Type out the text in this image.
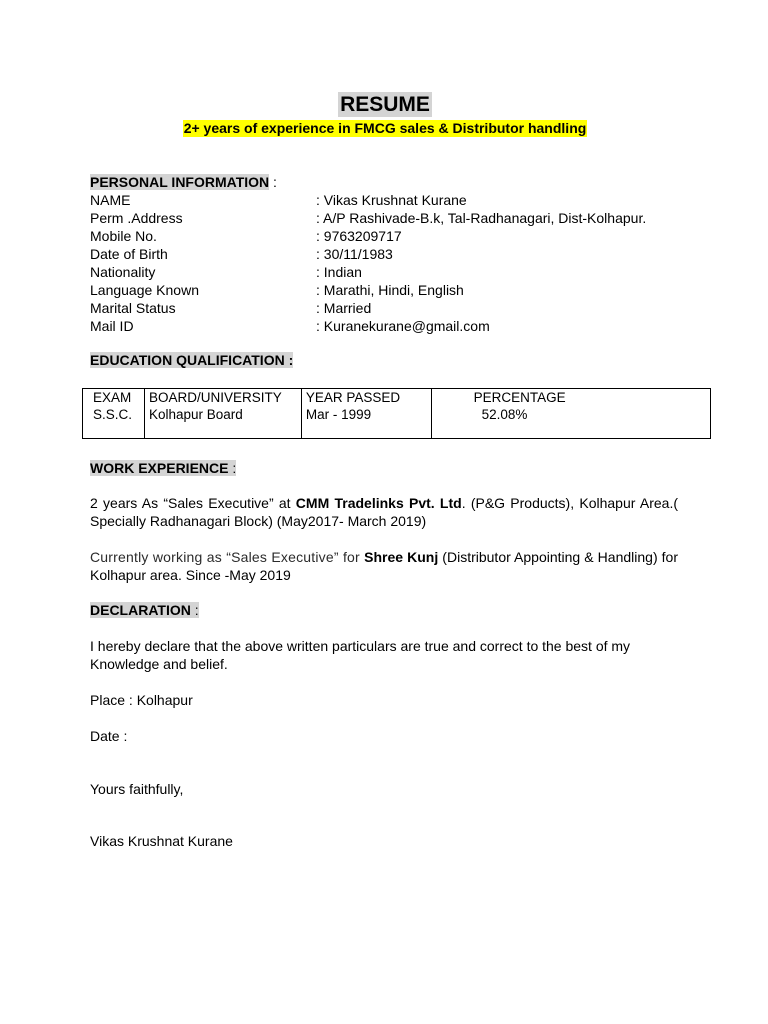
RESUME
2+ years of experience in FMCG sales & Distributor handling
PERSONAL INFORMATION :
NAME	: Vikas Krushnat Kurane
Perm .Address	: A/P Rashivade-B.k, Tal-Radhanagari, Dist-Kolhapur.
Mobile No.	: 9763209717
Date of Birth	: 30/11/1983
Nationality	: Indian
Language Known	: Marathi, Hindi, English
Marital Status	: Married
Mail ID	: Kuranekurane@gmail.com
EDUCATION QUALIFICATION :
EXAM	BOARD/UNIVERSITY	YEAR PASSED	PERCENTAGE
S.S.C.	Kolhapur Board	Mar - 1999	52.08%
WORK EXPERIENCE :
2 years As “Sales Executive” at CMM Tradelinks Pvt. Ltd. (P&G Products), Kolhapur Area.( Specially Radhanagari Block) (May2017- March 2019)
Currently working as “Sales Executive” for Shree Kunj (Distributor Appointing & Handling) for Kolhapur area. Since -May 2019
DECLARATION :
I hereby declare that the above written particulars are true and correct to the best of my Knowledge and belief.
Place : Kolhapur
Date :
Yours faithfully,
Vikas Krushnat Kurane
